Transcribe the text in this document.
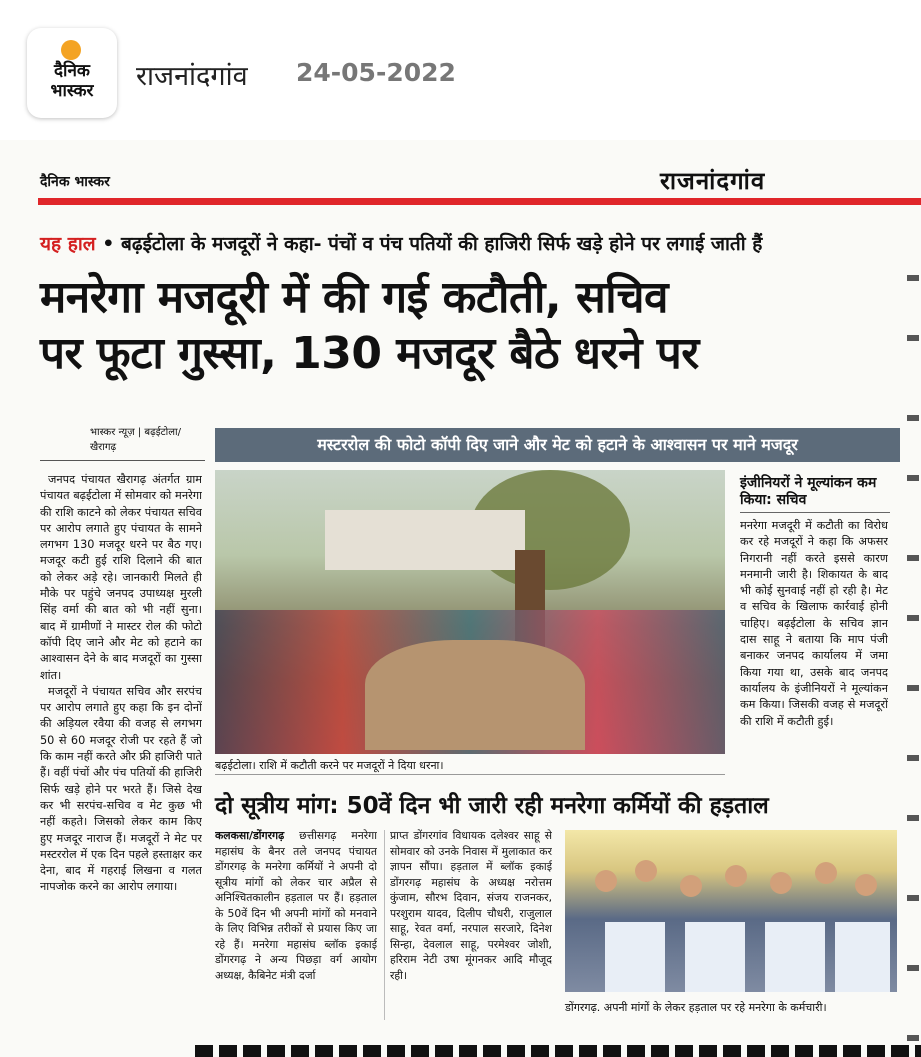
दैनिक
भास्कर	राजनांदगांव 24-05-2022
दैनिक भास्कर	राजनांदगांव
यह हाल • बढ़ईटोला के मजदूरों ने कहा- पंचों व पंच पतियों की हाजिरी सिर्फ खड़े होने पर लगाई जाती हैं
मनरेगा मजदूरी में की गई कटौती, सचिव
पर फूटा गुस्सा, 130 मजदूर बैठे धरने पर
भास्कर न्यूज़ | बढ़ईटोला/
खैरागढ़

जनपद पंचायत खैरागढ़ अंतर्गत ग्राम पंचायत बढ़ईटोला में सोमवार को मनरेगा की राशि काटने को लेकर पंचायत सचिव पर आरोप लगाते हुए पंचायत के सामने लगभग 130 मजदूर धरने पर बैठ गए। मजदूर कटी हुई राशि दिलाने की बात को लेकर अड़े रहे। जानकारी मिलते ही मौके पर पहुंचे जनपद उपाध्यक्ष मुरली सिंह वर्मा की बात को भी नहीं सुना। बाद में ग्रामीणों ने मास्टर रोल की फोटो कॉपी दिए जाने और मेट को हटाने का आश्वासन देने के बाद मजदूरों का गुस्सा शांत।

मजदूरों ने पंचायत सचिव और सरपंच पर आरोप लगाते हुए कहा कि इन दोनों की अड़ियल रवैया की वजह से लगभग 50 से 60 मजदूर रोजी पर रहते हैं जो कि काम नहीं करते और फ्री हाजिरी पाते हैं। वहीं पंचों और पंच पतियों की हाजिरी सिर्फ खड़े होने पर भरते हैं। जिसे देख कर भी सरपंच-सचिव व मेट कुछ भी नहीं कहते। जिसको लेकर काम किए हुए मजदूर नाराज हैं। मजदूरों ने मेट पर मस्टररोल में एक दिन पहले हस्ताक्षर कर देना, बाद में गहराई लिखना व गलत नापजोक करने का आरोप लगाया।

मस्टररोल की फोटो कॉपी दिए जाने और मेट को हटाने के आश्वासन पर माने मजदूर
बढ़ईटोला। राशि में कटौती करने पर मजदूरों ने दिया धरना।
इंजीनियरों ने मूल्यांकन कम किया: सचिव

मनरेगा मजदूरी में कटौती का विरोध कर रहे मजदूरों ने कहा कि अफसर निगरानी नहीं करते इससे कारण मनमानी जारी है। शिकायत के बाद भी कोई सुनवाई नहीं हो रही है। मेट व सचिव के खिलाफ कार्रवाई होनी चाहिए। बढ़ईटोला के सचिव ज्ञान दास साहू ने बताया कि माप पंजी बनाकर जनपद कार्यालय में जमा किया गया था, उसके बाद जनपद कार्यालय के इंजीनियरों ने मूल्यांकन कम किया। जिसकी वजह से मजदूरों की राशि में कटौती हुई।

दो सूत्रीय मांग: 50वें दिन भी जारी रही मनरेगा कर्मियों की हड़ताल

कलकसा/डोंगरगढ़ छत्तीसगढ़ मनरेगा महासंघ के बैनर तले जनपद पंचायत डोंगरगढ़ के मनरेगा कर्मियों ने अपनी दो सूत्रीय मांगों को लेकर चार अप्रैल से अनिश्चितकालीन हड़ताल पर हैं। हड़ताल के 50वें दिन भी अपनी मांगों को मनवाने के लिए विभिन्न तरीकों से प्रयास किए जा रहे हैं। मनरेगा महासंघ ब्लॉक इकाई डोंगरगढ़ ने अन्य पिछड़ा वर्ग आयोग अध्यक्ष, कैबिनेट मंत्री दर्जा

प्राप्त डोंगरगांव विधायक दलेश्वर साहू से सोमवार को उनके निवास में मुलाकात कर ज्ञापन सौंपा। हड़ताल में ब्लॉक इकाई डोंगरगढ़ महासंघ के अध्यक्ष नरोत्तम कुंजाम, सौरभ दिवान, संजय राजनकर, परशुराम यादव, दिलीप चौधरी, राजुलाल साहू, रेवत वर्मा, नरपाल सरजारे, दिनेश सिन्हा, देवलाल साहू, परमेश्वर जोशी, हरिराम नेटी उषा मूंगनकर आदि मौजूद रही।

डोंगरगढ़. अपनी मांगों के लेकर हड़ताल पर रहे मनरेगा के कर्मचारी।
